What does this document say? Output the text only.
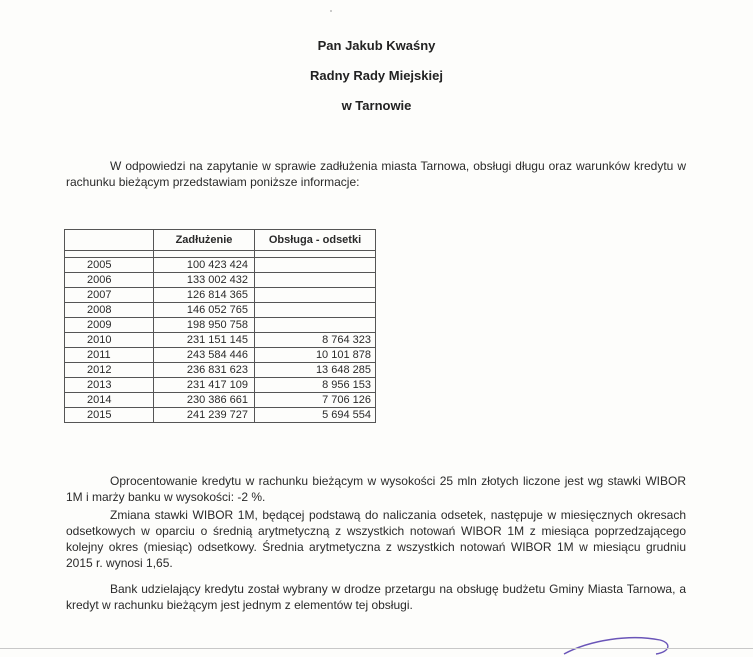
Pan Jakub Kwaśny
Radny Rady Miejskiej
w Tarnowie
W odpowiedzi na zapytanie w sprawie zadłużenia miasta Tarnowa, obsługi długu oraz warunków kredytu w rachunku bieżącym przedstawiam poniższe informacje:
	Zadłużenie	Obsługa - odsetki

2005	100 423 424	
2006	133 002 432	
2007	126 814 365	
2008	146 052 765	
2009	198 950 758	
2010	231 151 145	8 764 323
2011	243 584 446	10 101 878
2012	236 831 623	13 648 285
2013	231 417 109	8 956 153
2014	230 386 661	7 706 126
2015	241 239 727	5 694 554
Oprocentowanie kredytu w rachunku bieżącym w wysokości 25 mln złotych liczone jest wg stawki WIBOR 1M i marży banku w wysokości: -2 %.
Zmiana stawki WIBOR 1M, będącej podstawą do naliczania odsetek, następuje w miesięcznych okresach odsetkowych w oparciu o średnią arytmetyczną z wszystkich notowań WIBOR 1M z miesiąca poprzedzającego kolejny okres (miesiąc) odsetkowy. Średnia arytmetyczna z wszystkich notowań WIBOR 1M w miesiącu grudniu 2015 r. wynosi 1,65.
Bank udzielający kredytu został wybrany w drodze przetargu na obsługę budżetu Gminy Miasta Tarnowa, a kredyt w rachunku bieżącym jest jednym z elementów tej obsługi.
